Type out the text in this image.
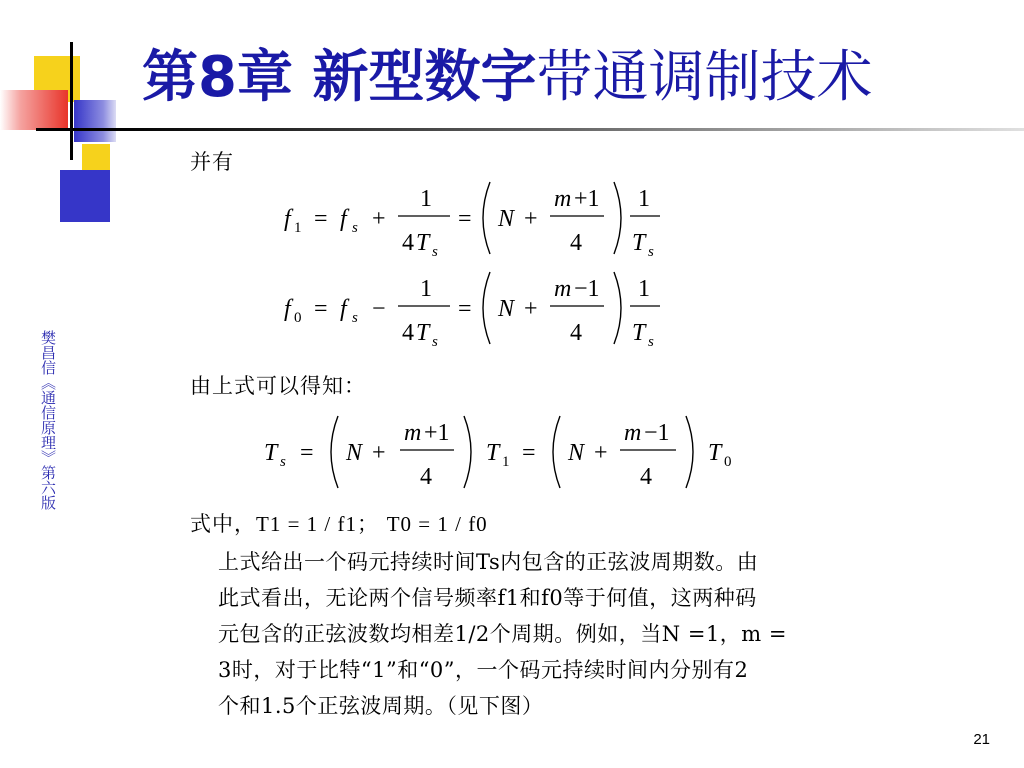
第8章 新型数字带通调制技术
樊昌信《通信原理》第六版
并有
f 1 = f s +
1
4 T s
= N +
m +1
4
1
T s
f 0 = f s −
1
4 T s
= N +
m −1
4
1
T s
由上式可以得知：
T s = N +
m +1
4
T 1 = N +
m −1
4
T 0
式中，T1 = 1 / f1； T0 = 1 / f0
上式给出一个码元持续时间Ts内包含的正弦波周期数。由
此式看出，无论两个信号频率f1和f0等于何值，这两种码
元包含的正弦波数均相差1/2个周期。例如，当N =1，m =
3时，对于比特“1”和“0”，一个码元持续时间内分别有2
个和1.5个正弦波周期。（见下图）
21
